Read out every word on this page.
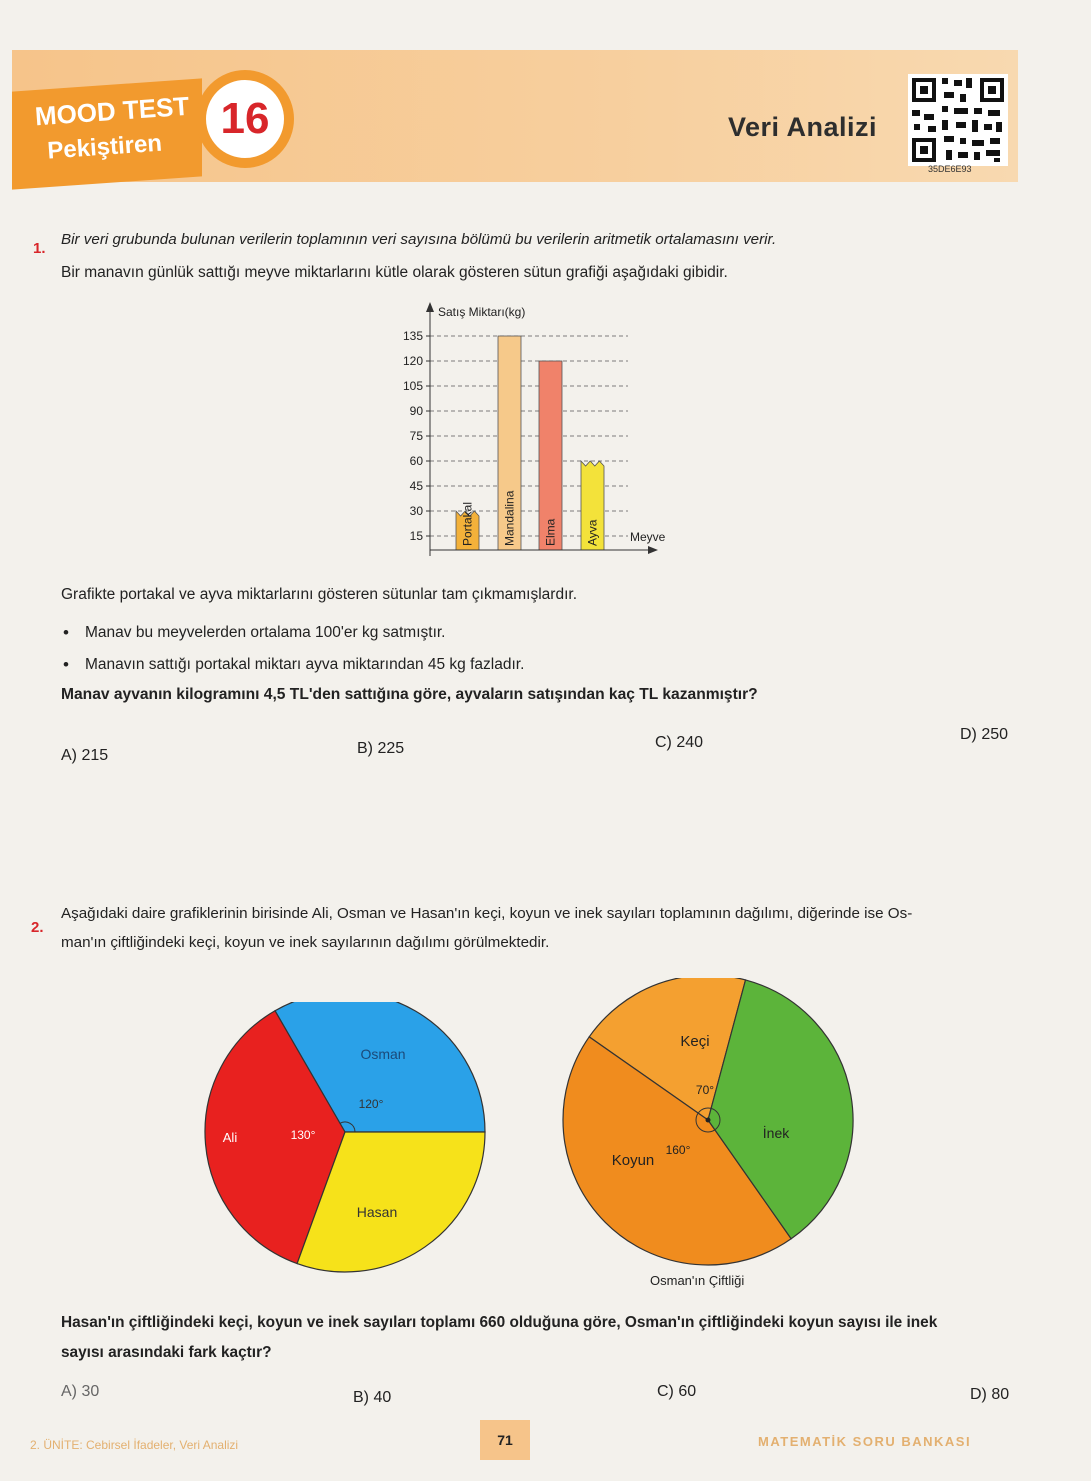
MOOD TEST
Pekiştiren
16	Veri Analizi
35DE6E93
1.
Bir veri grubunda bulunan verilerin toplamının veri sayısına bölümü bu verilerin aritmetik ortalamasını verir.
Bir manavın günlük sattığı meyve miktarlarını kütle olarak gösteren sütun grafiği aşağıdaki gibidir.
Portakal Mandalina Elma Ayva
15
30
45
60
75
90
105
120
135
Satış Miktarı(kg)
Meyve
Grafikte portakal ve ayva miktarlarını gösteren sütunlar tam çıkmamışlardır.
• Manav bu meyvelerden ortalama 100'er kg satmıştır.
• Manavın sattığı portakal miktarı ayva miktarından 45 kg fazladır.
Manav ayvanın kilogramını 4,5 TL'den sattığına göre, ayvaların satışından kaç TL kazanmıştır?
A) 215	B) 225	C) 240	D) 250
2.
Aşağıdaki daire grafiklerinin birisinde Ali, Osman ve Hasan'ın keçi, koyun ve inek sayıları toplamının dağılımı, diğerinde ise Os-
man'ın çiftliğindeki keçi, koyun ve inek sayılarının dağılımı görülmektedir.
Osman
Ali
Hasan
120°
130°
Keçi
Koyun
İnek
70°
160°
Osman'ın Çiftliği
Hasan'ın çiftliğindeki keçi, koyun ve inek sayıları toplamı 660 olduğuna göre, Osman'ın çiftliğindeki koyun sayısı ile inek
sayısı arasındaki fark kaçtır?
A) 30	B) 40	C) 60	D) 80
2. ÜNİTE: Cebirsel İfadeler, Veri Analizi	71	MATEMATİK SORU BANKASI
